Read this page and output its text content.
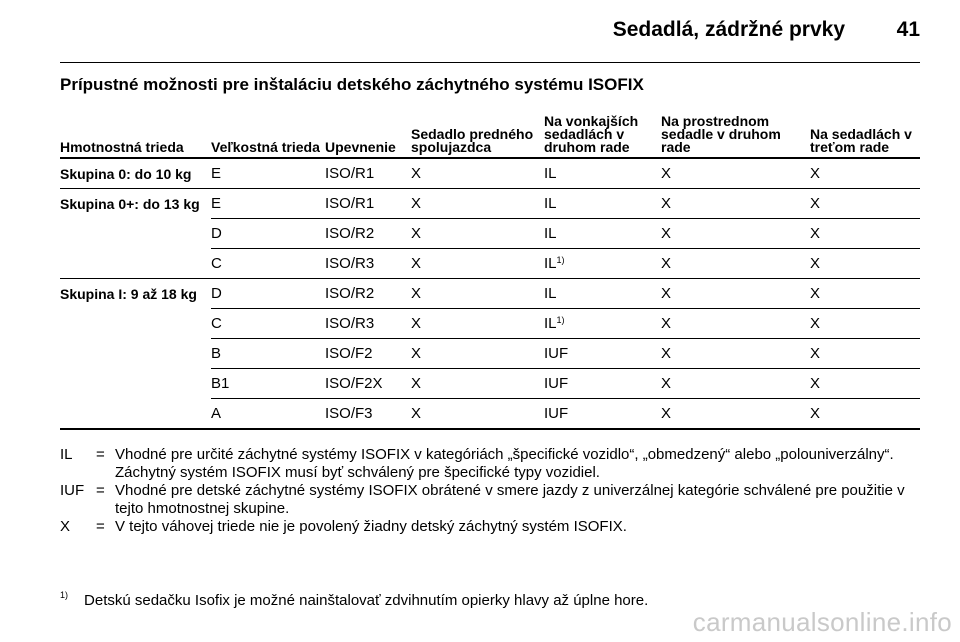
Sedadlá, zádržné prvky 41
Prípustné možnosti pre inštaláciu detského záchytného systému ISOFIX
Hmotnostná trieda	Veľkostná trieda	Upevnenie	Sedadlo predného spolujazdca	Na vonkajších sedadlách v druhom rade	Na prostrednom sedadle v druhom rade	Na sedadlách v treťom rade
Skupina 0: do 10 kg	E	ISO/R1	X	IL	X	X
Skupina 0+: do 13 kg	E	ISO/R1	X	IL	X	X
	D	ISO/R2	X	IL	X	X
	C	ISO/R3	X	IL$^{1)}$	X	X
Skupina I: 9 až 18 kg	D	ISO/R2	X	IL	X	X
	C	ISO/R3	X	IL$^{1)}$	X	X
	B	ISO/F2	X	IUF	X	X
	B1	ISO/F2X	X	IUF	X	X
	A	ISO/F3	X	IUF	X	X
IL	= Vhodné pre určité záchytné systémy ISOFIX v kategóriách „špecifické vozidlo“, „obmedzený“ alebo „polouniverzálny“. Záchytný systém ISOFIX musí byť schválený pre špecifické typy vozidiel.
IUF = Vhodné pre detské záchytné systémy ISOFIX obrátené v smere jazdy z univerzálnej kategórie schválené pre použitie v tejto hmotnostnej skupine.
X	= V tejto váhovej triede nie je povolený žiadny detský záchytný systém ISOFIX.
$^{1)}$ Detskú sedačku Isofix je možné nainštalovať zdvihnutím opierky hlavy až úplne hore.
carmanualsonline.info
